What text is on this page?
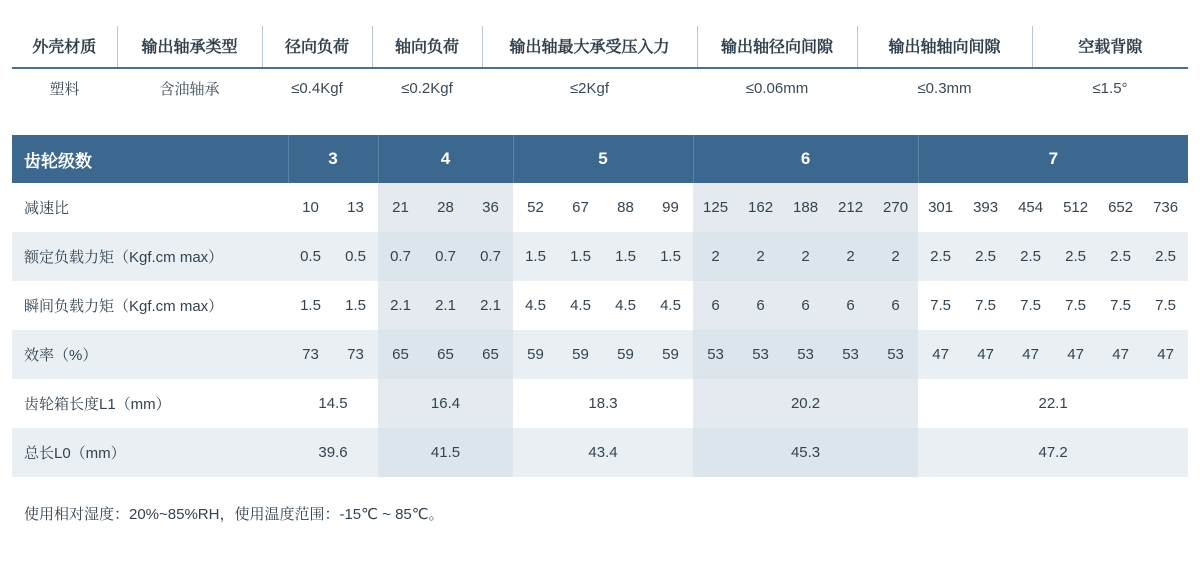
外壳材质	输出轴承类型	径向负荷	轴向负荷	输出轴最大承受压入力	输出轴径向间隙	输出轴轴向间隙	空载背隙
塑料	含油轴承	≤0.4Kgf	≤0.2Kgf	≤2Kgf	≤0.06mm	≤0.3mm	≤1.5°
齿轮级数	3		4			5				6					7					
减速比	10	13	21	28	36	52	67	88	99	125	162	188	212	270	301	393	454	512	652	736
额定负载力矩（Kgf.cm max）	0.5	0.5	0.7	0.7	0.7	1.5	1.5	1.5	1.5	2	2	2	2	2	2.5	2.5	2.5	2.5	2.5	2.5
瞬间负载力矩（Kgf.cm max）	1.5	1.5	2.1	2.1	2.1	4.5	4.5	4.5	4.5	6	6	6	6	6	7.5	7.5	7.5	7.5	7.5	7.5
效率（%）	73	73	65	65	65	59	59	59	59	53	53	53	53	53	47	47	47	47	47	47
齿轮箱长度L1（mm）	14.5		16.4			18.3				20.2					22.1					
总长L0（mm）	39.6		41.5			43.4				45.3					47.2					
使用相对湿度：20%~85%RH，使用温度范围：-15℃ ~ 85℃。
